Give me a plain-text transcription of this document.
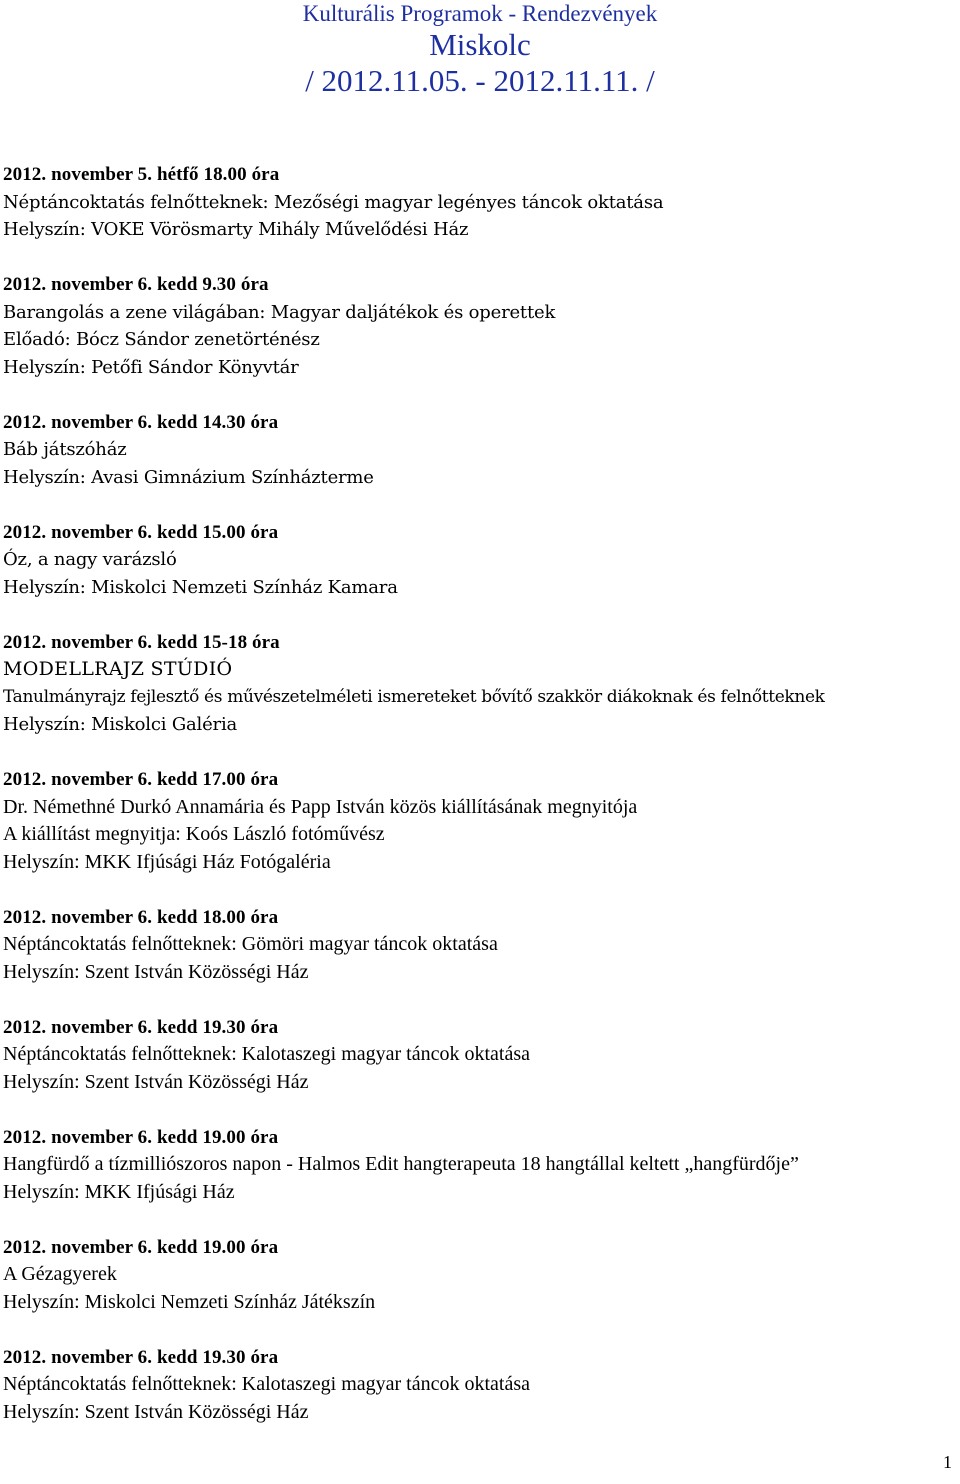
Kulturális Programok - Rendezvények
Miskolc
/ 2012.11.05. - 2012.11.11. /
2012. november 5. hétfő 18.00 óra
Néptáncoktatás felnőtteknek: Mezőségi magyar legényes táncok oktatása
Helyszín: VOKE Vörösmarty Mihály Művelődési Ház
2012. november 6. kedd 9.30 óra
Barangolás a zene világában: Magyar daljátékok és operettek
Előadó: Bócz Sándor zenetörténész
Helyszín: Petőfi Sándor Könyvtár
2012. november 6. kedd 14.30 óra
Báb játszóház
Helyszín: Avasi Gimnázium Színházterme
2012. november 6. kedd 15.00 óra
Óz, a nagy varázsló
Helyszín: Miskolci Nemzeti Színház Kamara
2012. november 6. kedd 15-18 óra
MODELLRAJZ STÚDIÓ
Tanulmányrajz fejlesztő és művészetelméleti ismereteket bővítő szakkör diákoknak és felnőtteknek
Helyszín: Miskolci Galéria
2012. november 6. kedd 17.00 óra
Dr. Némethné Durkó Annamária és Papp István közös kiállításának megnyitója
A kiállítást megnyitja: Koós László fotóművész
Helyszín: MKK Ifjúsági Ház Fotógaléria
2012. november 6. kedd 18.00 óra
Néptáncoktatás felnőtteknek: Gömöri magyar táncok oktatása
Helyszín: Szent István Közösségi Ház
2012. november 6. kedd 19.30 óra
Néptáncoktatás felnőtteknek: Kalotaszegi magyar táncok oktatása
Helyszín: Szent István Közösségi Ház
2012. november 6. kedd 19.00 óra
Hangfürdő a tízmilliószoros napon - Halmos Edit hangterapeuta 18 hangtállal keltett „hangfürdője”
Helyszín: MKK Ifjúsági Ház
2012. november 6. kedd 19.00 óra
A Gézagyerek
Helyszín: Miskolci Nemzeti Színház Játékszín
2012. november 6. kedd 19.30 óra
Néptáncoktatás felnőtteknek: Kalotaszegi magyar táncok oktatása
Helyszín: Szent István Közösségi Ház
1
